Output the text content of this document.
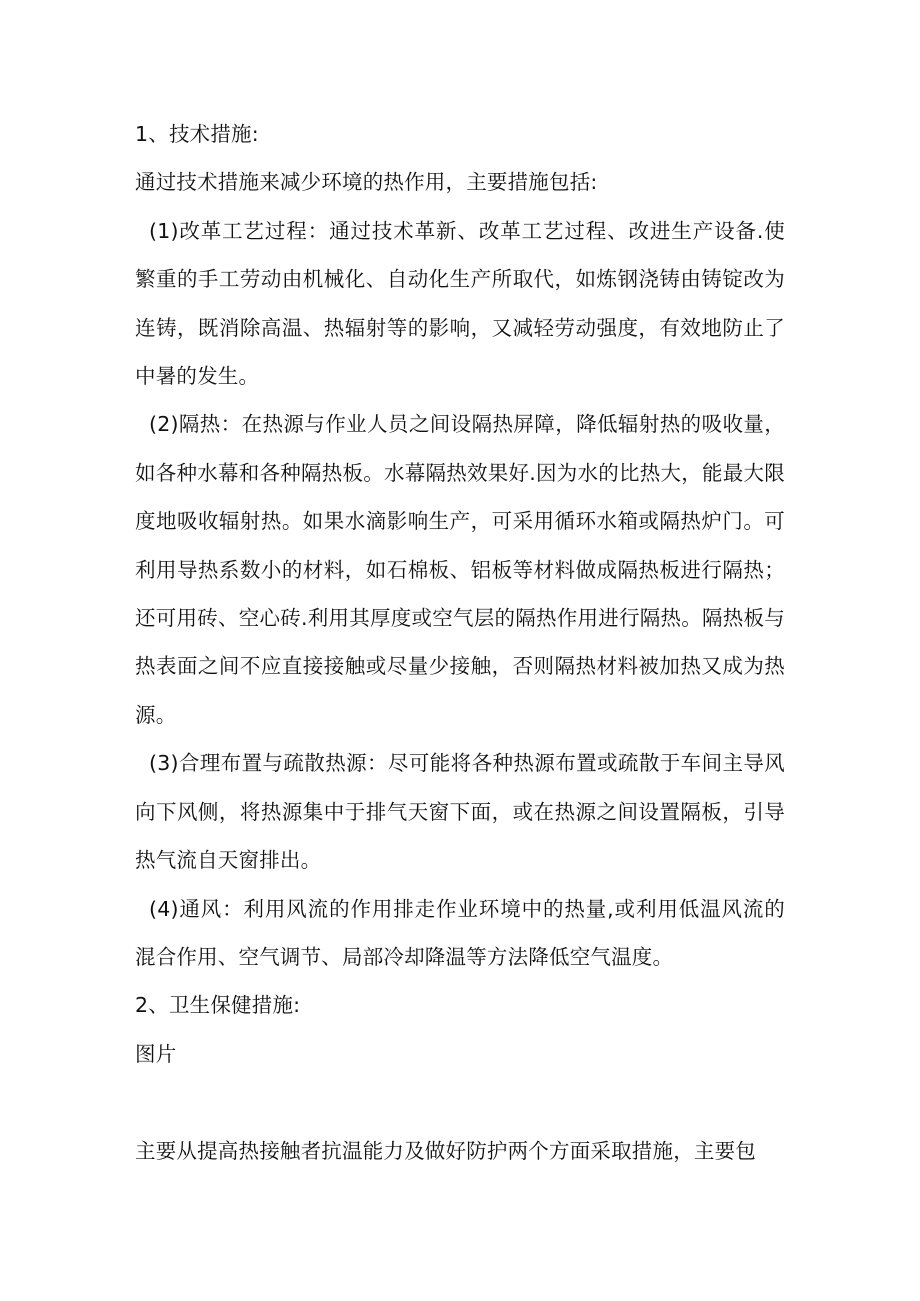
1、技术措施:

通过技术措施来减少环境的热作用，主要措施包括:

(1)改革工艺过程：通过技术革新、改革工艺过程、改进生产设备.使繁重的手工劳动由机械化、自动化生产所取代，如炼钢浇铸由铸锭改为连铸，既消除高温、热辐射等的影响，又减轻劳动强度，有效地防止了中暑的发生。

(2)隔热：在热源与作业人员之间设隔热屏障，降低辐射热的吸收量，如各种水幕和各种隔热板。水幕隔热效果好.因为水的比热大，能最大限度地吸收辐射热。如果水滴影响生产，可采用循环水箱或隔热炉门。可利用导热系数小的材料，如石棉板、铝板等材料做成隔热板进行隔热；还可用砖、空心砖.利用其厚度或空气层的隔热作用进行隔热。隔热板与热表面之间不应直接接触或尽量少接触，否则隔热材料被加热又成为热源。

(3)合理布置与疏散热源：尽可能将各种热源布置或疏散于车间主导风向下风侧，将热源集中于排气天窗下面，或在热源之间设置隔板，引导热气流自天窗排出。

(4)通风：利用风流的作用排走作业环境中的热量,或利用低温风流的混合作用、空气调节、局部冷却降温等方法降低空气温度。

2、卫生保健措施:

图片

主要从提高热接触者抗温能力及做好防护两个方面采取措施，主要包
